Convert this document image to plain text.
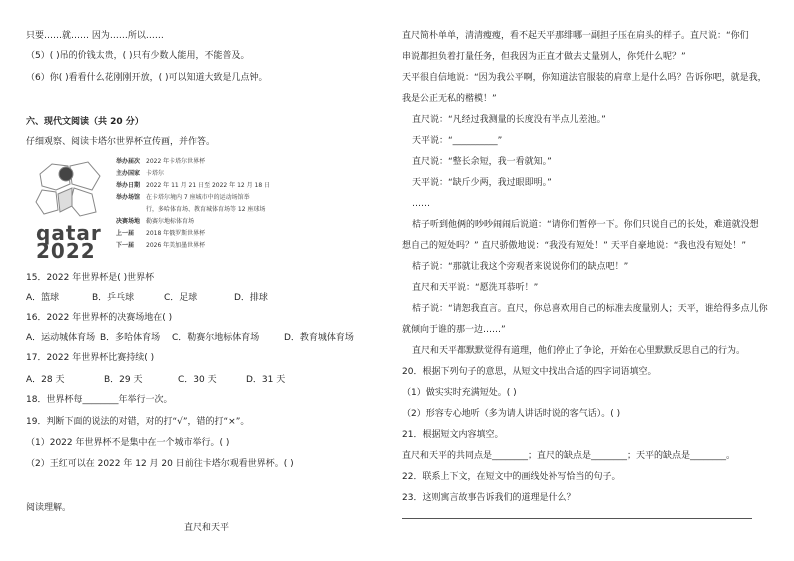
只要……就…… 因为……所以……
（5）( )吊的价钱太贵，( )只有少数人能用，不能普及。
（6）你( )看看什么花刚刚开放，( )可以知道大致是几点钟。
六、现代文阅读（共 20 分）
仔细观察、阅读卡塔尔世界杯宣传画，并作答。
qatar
2022
举办届次 2022 年卡塔尔世界杯
主办国家 卡塔尔
举办日期 2022 年 11 月 21 日至 2022 年 12 月 18 日
举办场馆 在卡塔尔境内 7 座城市中的运动场馆举
行，多哈体育场、教育城体育场等 12 座球场
决赛场地 勒赛尔地标体育场
上一届 2018 年俄罗斯世界杯
下一届 2026 年美加墨世界杯
15．2022 年世界杯是( )世界杯
A．篮球	B．乒乓球	C．足球	D．排球
16．2022 年世界杯的决赛场地在( )
A．运动城体育场 B．多哈体育场 C．勒赛尔地标体育场	D．教育城体育场
17．2022 年世界杯比赛持续( )
A．28 天	B．29 天	C．30 天	D．31 天
18．世界杯每________年举行一次。
19．判断下面的说法的对错，对的打“√”，错的打“×”。
（1）2022 年世界杯不是集中在一个城市举行。( )
（2）王红可以在 2022 年 12 月 20 日前往卡塔尔观看世界杯。( )
阅读理解。
直尺和天平
直尺简朴单单，清清瘦瘦，看不起天平那绯哪一副担子压在肩头的样子。直尺说：“你们
串说都担负着打量任务，但我因为正直才做去丈量别人，你凭什么呢？”
天平很自信地说：“因为我公平啊，你知道法官服装的肩章上是什么吗？告诉你吧，就是我，
我是公正无私的楷模！”
直尺说：“凡经过我测量的长度没有半点儿差池。”
天平说：“__________”
直尺说：“整长余短，我一看就知。”
天平说：“缺斤少两，我过眼即明。”
……
桔子听到他俩的吵吵闹闹后说道：“请你们暂停一下。你们只说自己的长处，难道就没想
想自己的短处吗？” 直尺骄傲地说：“我没有短处！” 天平自豪地说：“我也没有短处！”
桔子说：“那就让我这个旁观者来说说你们的缺点吧！”
直尺和天平说：“愿洗耳恭听！”
桔子说：“请恕我直言。直尺，你总喜欢用自己的标准去度量别人；天平，谁给得多点儿你
就倾向于谁的那一边……”
直尺和天平都默默觉得有道理，他们停止了争论，开始在心里默默反思自己的行为。
20．根据下列句子的意思，从短文中找出合适的四字词语填空。
（1）做实实时充满短处。( )
（2）形容专心地听（多为请人讲话时说的客气话）。( )
21．根据短文内容填空。
直尺和天平的共同点是________；直尺的缺点是________；天平的缺点是________。
22．联系上下文，在短文中的画线处补写恰当的句子。
23．这则寓言故事告诉我们的道理是什么？
